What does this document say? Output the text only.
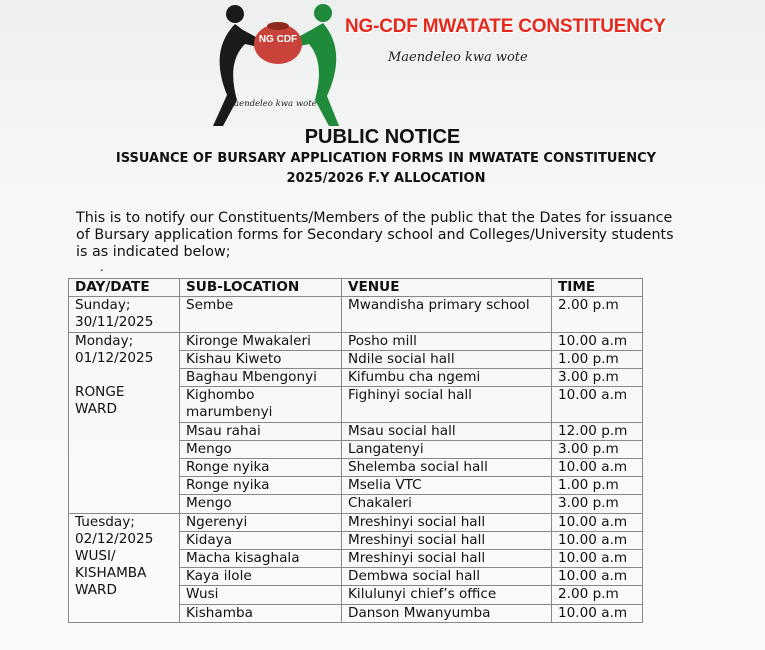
NG CDF
Maendeleo kwa wote
NG-CDF MWATATE CONSTITUENCY
Maendeleo kwa wote
PUBLIC NOTICE
ISSUANCE OF BURSARY APPLICATION FORMS IN MWATATE CONSTITUENCY
2025/2026 F.Y ALLOCATION
This is to notify our Constituents/Members of the public that the Dates for issuance of Bursary application forms for Secondary school and Colleges/University students is as indicated below;
.
DAY/DATE	SUB-LOCATION	VENUE	TIME

Sunday;
30/11/2025	Sembe	Mwandisha primary school	2.00 p.m

Monday;
01/12/2025
RONGE
WARD	Kironge Mwakaleri	Posho mill	10.00 a.m
	Kishau Kiweto	Ndile social hall	1.00 p.m
	Baghau Mbengonyi	Kifumbu cha ngemi	3.00 p.m
	Kighombo marumbenyi	Fighinyi social hall	10.00 a.m
	Msau rahai	Msau social hall	12.00 p.m
	Mengo	Langatenyi	3.00 p.m
	Ronge nyika	Shelemba social hall	10.00 a.m
	Ronge nyika	Mselia VTC	1.00 p.m
	Mengo	Chakaleri	3.00 p.m

Tuesday;
02/12/2025
WUSI/
KISHAMBA
WARD	Ngerenyi	Mreshinyi social hall	10.00 a.m
	Kidaya	Mreshinyi social hall	10.00 a.m
	Macha kisaghala	Mreshinyi social hall	10.00 a.m
	Kaya ilole	Dembwa social hall	10.00 a.m
	Wusi	Kilulunyi chief’s office	2.00 p.m
	Kishamba	Danson Mwanyumba	10.00 a.m
